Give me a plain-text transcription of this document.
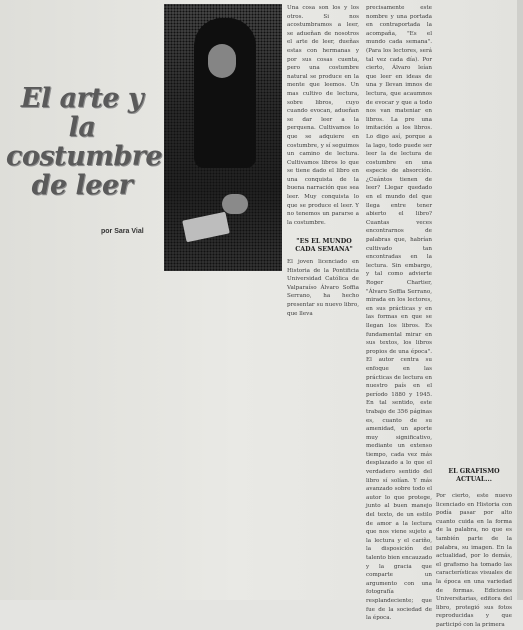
El arte y la
costumbre
de leer
por Sara Vial

Una cosa son los y los otros. Si nos acostumbramos a leer, se adueñan de nosotros el arte de leer, dueñas estas con hermanas y por sus cosas cuenta, pero una costumbre natural se produce en la mente que leemos. Un mas cultivo de lectura, sobre libros, cuyo cuando evocan, adueñan se dar leer a la perquena. Cultivamos lo que se adquiere en costumbre, y sí seguimos un camino de lectura. Cultivamos libros lo que se tiene dado el libro en una conquista de la buena narración que sea leer. Muy conquista lo que se produce el leer. Y no tenemos un pararse a la costumbre.

"ES EL MUNDO CADA SEMANA"

El joven licenciado en Historia de la Pontificia Universidad Católica de Valparaíso Álvaro Soffia Serrano, ha hecho presentar su nuevo libro, que lleva

precisamente este nombre y una portada en contraportada la acompaña, "Es el mundo cada semana". (Para los lectores, será tal vez cada día). Por cierto, Álvaro leían que leer en ideas de una y llevan imnos de lectura, que acaumnos de evocar y que a todo nos van mateniar en libros. La pre una imitación a los libros. Lo digo así, porque a la lago, todo puede ser leer la de lectura de costumbre en una especie de absorción. ¿Cuántos tienen de leer? Llegar quedado en el mundo del que llega entre tener abierto el libro? Cuantas veces encontrarnos de palabras que, habrían cultivado tan encontradas en la lectura. Sin embargo, y tal como advierte Roger Chartier, "Álvaro Soffia Serrano, mirada en los lectores, en sus prácticas y en las formas en que se llegan los libros. Es fundamental mirar en sus textos, los libros propios de una época". El autor centra su enfoque en las prácticas de lectura en nuestro país en el período 1880 y 1945. En tal sentido, este trabajo de 356 páginas es, cuanto de su amenidad, un aporte muy significativo, mediante un extenso tiempo, cada vez más desplazado a lo que el verdadero sentido del libro sí solían. Y más avanzado sobre todo el autor lo que protege, junto al buen manejo del texto, de un estilo de amor a la lectura que nos viene sujeto a la lectura y el cariño, la disposición del talento bien encauzado y la gracia que comparte un argumento con una fotografía resplandeciente; que fue de la sociedad de la época.

EL GRAFISMO ACTUAL...

Por cierto, este nuevo licenciado en Historia con podía pasar por alto cuanto cuida en la forma de la palabra, no que es también parte de la palabra, su imagen. En la actualidad, por lo demás, el grafismo ha tomado las características visuales de la época en una variedad de formas. Ediciones Universitarias, editora del libro, protegió sus fotos reproducidas y que participó con la primera
